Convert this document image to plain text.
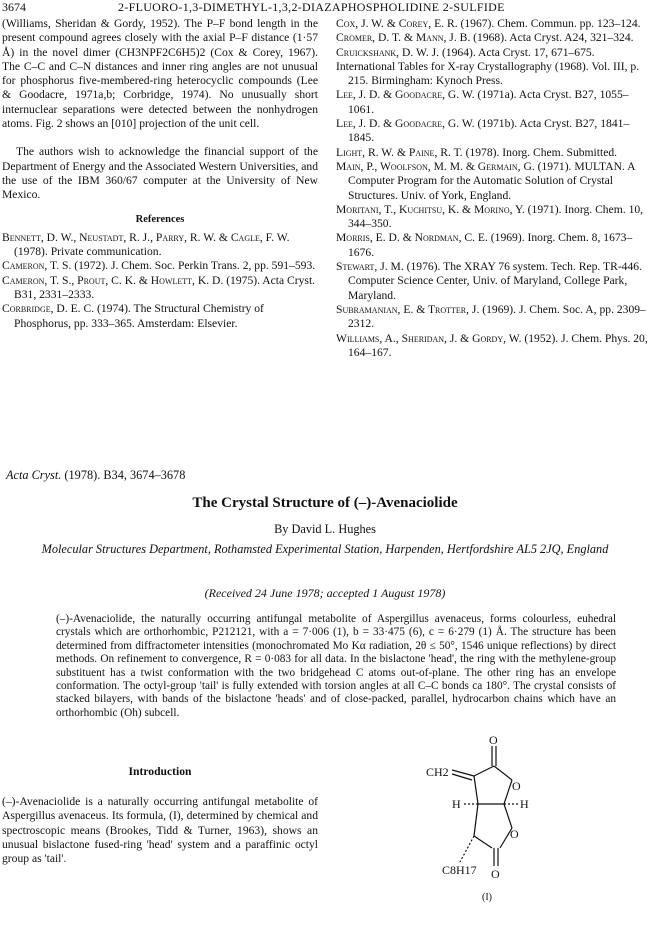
3674	2-FLUORO-1,3-DIMETHYL-1,3,2-DIAZAPHOSPHOLIDINE 2-SULFIDE

(Williams, Sheridan & Gordy, 1952). The P–F bond length in the present compound agrees closely with the axial P–F distance (1·57 Å) in the novel dimer (CH3NPF2C6H5)2 (Cox & Corey, 1967). The C–C and C–N distances and inner ring angles are not unusual for phosphorus five-membered-ring heterocyclic compounds (Lee & Goodacre, 1971a,b; Corbridge, 1974). No unusually short internuclear separations were detected between the nonhydrogen atoms. Fig. 2 shows an [010] projection of the unit cell.

The authors wish to acknowledge the financial support of the Department of Energy and the Associated Western Universities, and the use of the IBM 360/67 computer at the University of New Mexico.

References
Bennett, D. W., Neustadt, R. J., Parry, R. W. & Cagle, F. W. (1978). Private communication.
Cameron, T. S. (1972). J. Chem. Soc. Perkin Trans. 2, pp. 591–593.
Cameron, T. S., Prout, C. K. & Howlett, K. D. (1975). Acta Cryst. B31, 2331–2333.
Corbridge, D. E. C. (1974). The Structural Chemistry of Phosphorus, pp. 333–365. Amsterdam: Elsevier.
Cox, J. W. & Corey, E. R. (1967). Chem. Commun. pp. 123–124.
Cromer, D. T. & Mann, J. B. (1968). Acta Cryst. A24, 321–324.
Cruickshank, D. W. J. (1964). Acta Cryst. 17, 671–675.
International Tables for X-ray Crystallography (1968). Vol. III, p. 215. Birmingham: Kynoch Press.
Lee, J. D. & Goodacre, G. W. (1971a). Acta Cryst. B27, 1055–1061.
Lee, J. D. & Goodacre, G. W. (1971b). Acta Cryst. B27, 1841–1845.
Light, R. W. & Paine, R. T. (1978). Inorg. Chem. Submitted.
Main, P., Woolfson, M. M. & Germain, G. (1971). MULTAN. A Computer Program for the Automatic Solution of Crystal Structures. Univ. of York, England.
Moritani, T., Kuchitsu, K. & Morino, Y. (1971). Inorg. Chem. 10, 344–350.
Morris, E. D. & Nordman, C. E. (1969). Inorg. Chem. 8, 1673–1676.
Stewart, J. M. (1976). The XRAY 76 system. Tech. Rep. TR-446. Computer Science Center, Univ. of Maryland, College Park, Maryland.
Subramanian, E. & Trotter, J. (1969). J. Chem. Soc. A, pp. 2309–2312.
Williams, A., Sheridan, J. & Gordy, W. (1952). J. Chem. Phys. 20, 164–167.
Acta Cryst. (1978). B34, 3674–3678
The Crystal Structure of (–)-Avenaciolide
By David L. Hughes
Molecular Structures Department, Rothamsted Experimental Station, Harpenden, Hertfordshire AL5 2JQ, England
(Received 24 June 1978; accepted 1 August 1978)

(–)-Avenaciolide, the naturally occurring antifungal metabolite of Aspergillus avenaceus, forms colourless, euhedral crystals which are orthorhombic, P212121, with a = 7·006 (1), b = 33·475 (6), c = 6·279 (1) Å. The structure has been determined from diffractometer intensities (monochromated Mo Kα radiation, 2θ ≤ 50°, 1546 unique reflections) by direct methods. On refinement to convergence, R = 0·083 for all data. In the bislactone 'head', the ring with the methylene-group substituent has a twist conformation with the two bridgehead C atoms out-of-plane. The other ring has an envelope conformation. The octyl-group 'tail' is fully extended with torsion angles at all C–C bonds ca 180°. The crystal consists of stacked bilayers, with bands of the bislactone 'heads' and of close-packed, parallel, hydrocarbon chains which have an orthorhombic (Oh) subcell.

Introduction

(–)-Avenaciolide is a naturally occurring antifungal metabolite of Aspergillus avenaceus. Its formula, (I), determined by chemical and spectroscopic means (Brookes, Tidd & Turner, 1963), shows an unusual bislactone fused-ring 'head' system and a paraffinic octyl group as 'tail'.

O
CH2
O
H	H
O
O
C8H17
(I)
